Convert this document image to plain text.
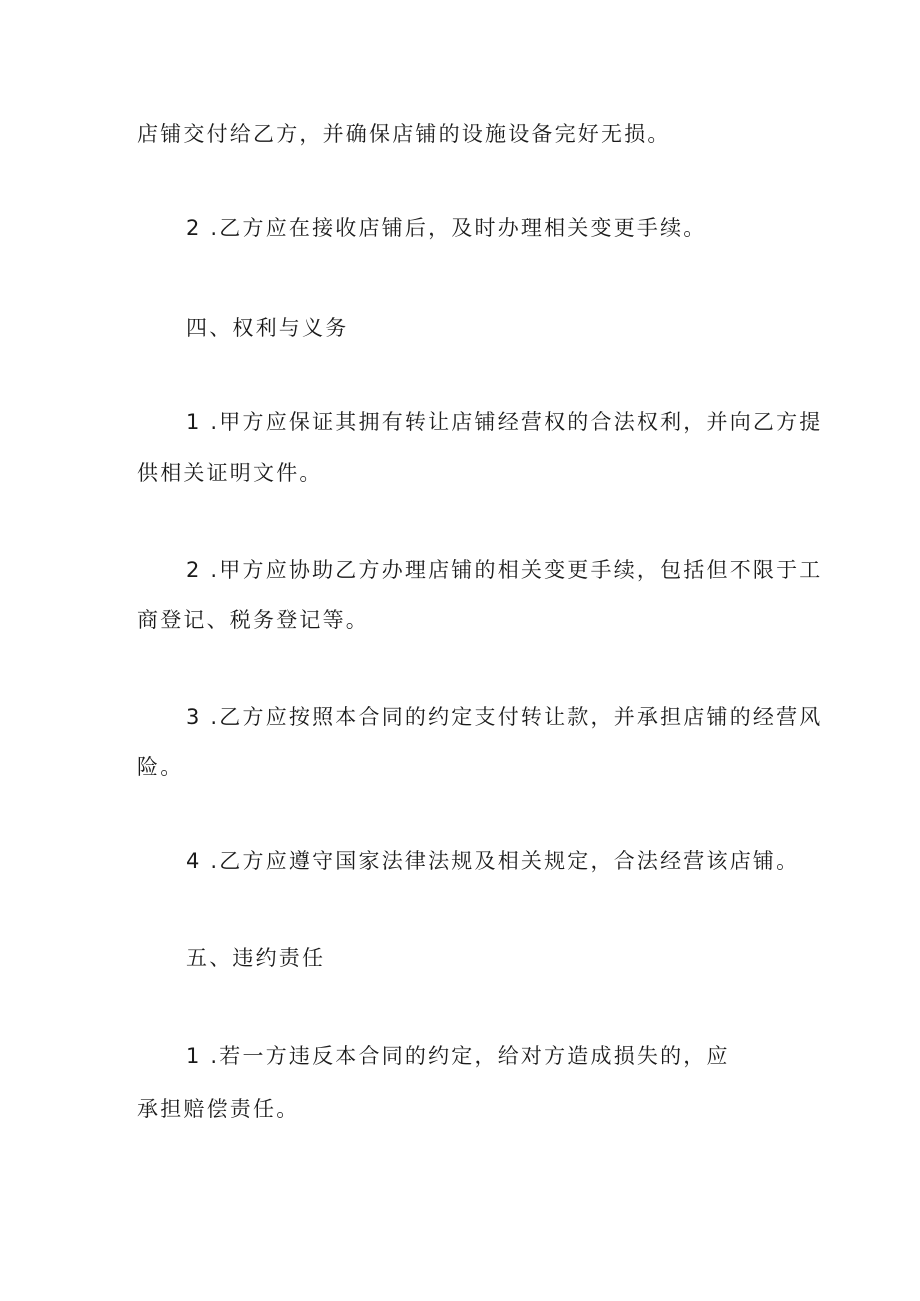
店铺交付给乙方，并确保店铺的设施设备完好无损。

2 .乙方应在接收店铺后，及时办理相关变更手续。

四、权利与义务

1 .甲方应保证其拥有转让店铺经营权的合法权利，并向乙方提

供相关证明文件。

2 .甲方应协助乙方办理店铺的相关变更手续，包括但不限于工

商登记、税务登记等。

3 .乙方应按照本合同的约定支付转让款，并承担店铺的经营风

险。

4 .乙方应遵守国家法律法规及相关规定，合法经营该店铺。

五、违约责任

1 .若一方违反本合同的约定，给对方造成损失的，应

承担赔偿责任。
